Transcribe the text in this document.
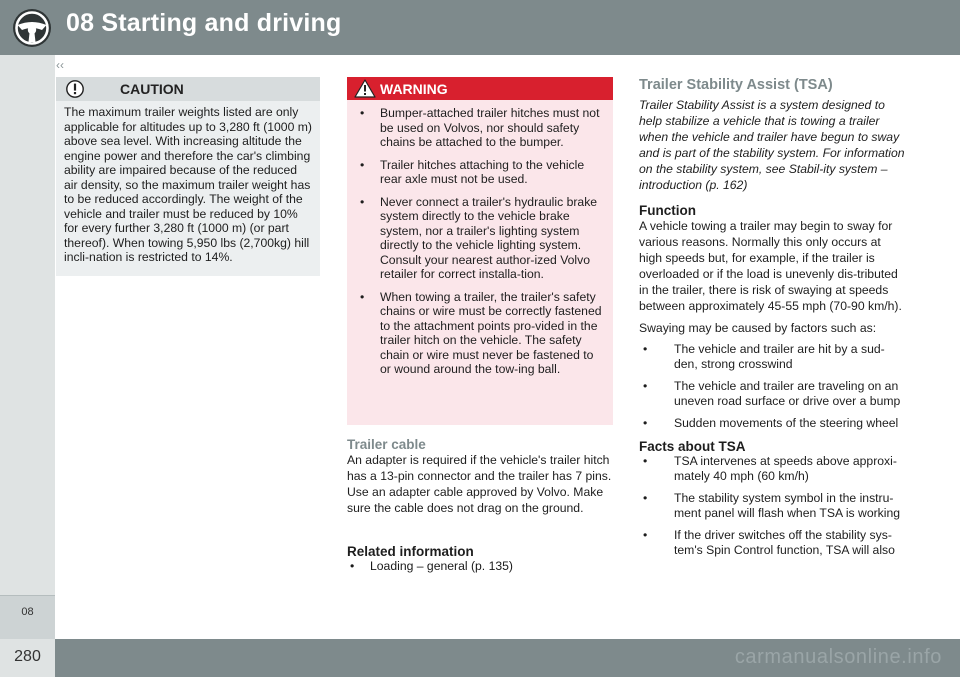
08 Starting and driving
‹‹
08
CAUTION
The maximum trailer weights listed are only applicable for altitudes up to 3,280 ft (1000 m) above sea level. With increasing altitude the engine power and therefore the car's climbing ability are impaired because of the reduced air density, so the maximum trailer weight has to be reduced accordingly. The weight of the vehicle and trailer must be reduced by 10% for every further 3,280 ft (1000 m) (or part thereof). When towing 5,950 lbs (2,700kg) hill incli-nation is restricted to 14%.
WARNING
• Bumper-attached trailer hitches must not be used on Volvos, nor should safety chains be attached to the bumper.
• Trailer hitches attaching to the vehicle rear axle must not be used.
• Never connect a trailer's hydraulic brake system directly to the vehicle brake system, nor a trailer's lighting system directly to the vehicle lighting system. Consult your nearest author-ized Volvo retailer for correct installa-tion.
• When towing a trailer, the trailer's safety chains or wire must be correctly fastened to the attachment points pro-vided in the trailer hitch on the vehicle. The safety chain or wire must never be fastened to or wound around the tow-ing ball.
Trailer cable
An adapter is required if the vehicle's trailer hitch has a 13-pin connector and the trailer has 7 pins. Use an adapter cable approved by Volvo. Make sure the cable does not drag on the ground.
Related information
• Loading – general (p. 135)
Trailer Stability Assist (TSA)
Trailer Stability Assist is a system designed to help stabilize a vehicle that is towing a trailer when the vehicle and trailer have begun to sway and is part of the stability system. For information on the stability system, see Stabil-ity system – introduction (p. 162)
Function
A vehicle towing a trailer may begin to sway for various reasons. Normally this only occurs at high speeds but, for example, if the trailer is overloaded or if the load is unevenly dis-tributed in the trailer, there is risk of swaying at speeds between approximately 45-55 mph (70-90 km/h).
Swaying may be caused by factors such as:
• The vehicle and trailer are hit by a sud-den, strong crosswind
• The vehicle and trailer are traveling on an uneven road surface or drive over a bump
• Sudden movements of the steering wheel
Facts about TSA
• TSA intervenes at speeds above approxi-mately 40 mph (60 km/h)
• The stability system symbol in the instru-ment panel will flash when TSA is working
• If the driver switches off the stability sys-tem's Spin Control function, TSA will also
280	carmanualsonline.info
